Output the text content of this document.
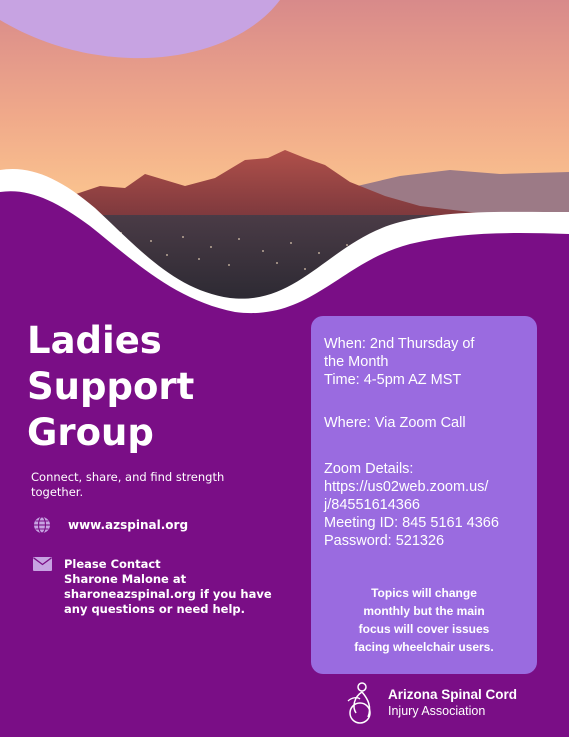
Ladies
Support
Group

Connect, share, and find strength together.

www.azspinal.org
Please Contact
Sharone Malone at
sharoneazspinal.org if you have
any questions or need help.
When: 2nd Thursday of
the Month
Time: 4-5pm AZ MST
Where: Via Zoom Call
Zoom Details:
https://us02web.zoom.us/
j/84551614366
Meeting ID: 845 5161 4366
Password: 521326
Topics will change
monthly but the main
focus will cover issues
facing wheelchair users.
Arizona Spinal Cord
Injury Association
